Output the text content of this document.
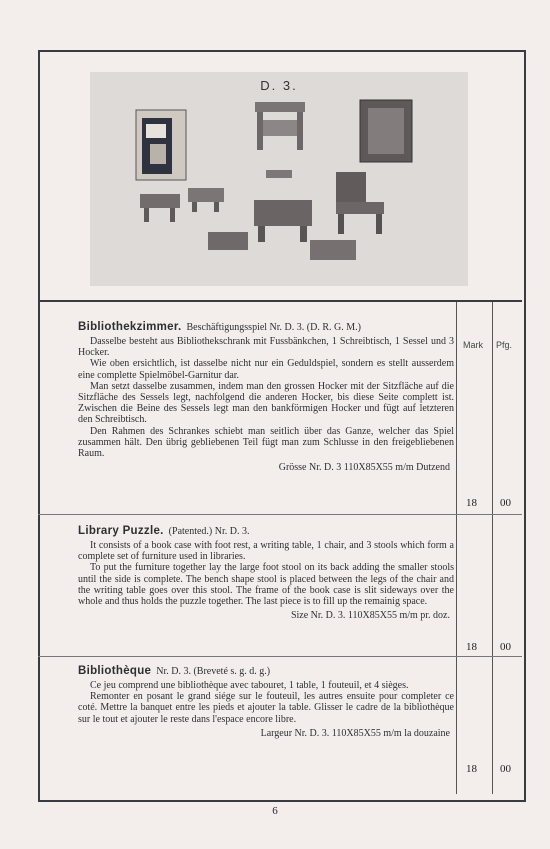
D. 3.
Mark Pfg.
Bibliothekzimmer. Beschäftigungsspiel Nr. D. 3. (D. R. G. M.)
Dasselbe besteht aus Bibliothekschrank mit Fussbänkchen, 1 Schreibtisch, 1 Sessel und 3 Hocker.
Wie oben ersichtlich, ist dasselbe nicht nur ein Geduldspiel, sondern es stellt ausserdem eine complette Spielmöbel-Garnitur dar.
Man setzt dasselbe zusammen, indem man den grossen Hocker mit der Sitzfläche auf die Sitzfläche des Sessels legt, nachfolgend die anderen Hocker, bis diese Seite complett ist. Zwischen die Beine des Sessels legt man den bankförmigen Hocker und fügt auf letzteren den Schreibtisch.
Den Rahmen des Schrankes schiebt man seitlich über das Ganze, welcher das Spiel zusammen hält. Den übrig gebliebenen Teil fügt man zum Schlusse in den freigebliebenen Raum.
Grösse Nr. D. 3 110X85X55 m/m Dutzend
18 00
Library Puzzle. (Patented.) Nr. D. 3.
It consists of a book case with foot rest, a writing table, 1 chair, and 3 stools which form a complete set of furniture used in libraries.
To put the furniture together lay the large foot stool on its back adding the smaller stools until the side is complete. The bench shape stool is placed between the legs of the chair and the writing table goes over this stool. The frame of the book case is slit sideways over the whole and thus holds the puzzle together. The last piece is to fill up the remainig space.
Size Nr. D. 3. 110X85X55 m/m pr. doz.
18 00
Bibliothèque Nr. D. 3. (Breveté s. g. d. g.)
Ce jeu comprend une bibliothèque avec tabouret, 1 table, 1 fouteuil, et 4 sièges.
Remonter en posant le grand siége sur le fouteuil, les autres ensuite pour completer ce coté. Mettre la banquet entre les pieds et ajouter la table. Glisser le cadre de la bibliothèque sur le tout et ajouter le reste dans l'espace encore libre.
Largeur Nr. D. 3. 110X85X55 m/m la douzaine
18 00
6
